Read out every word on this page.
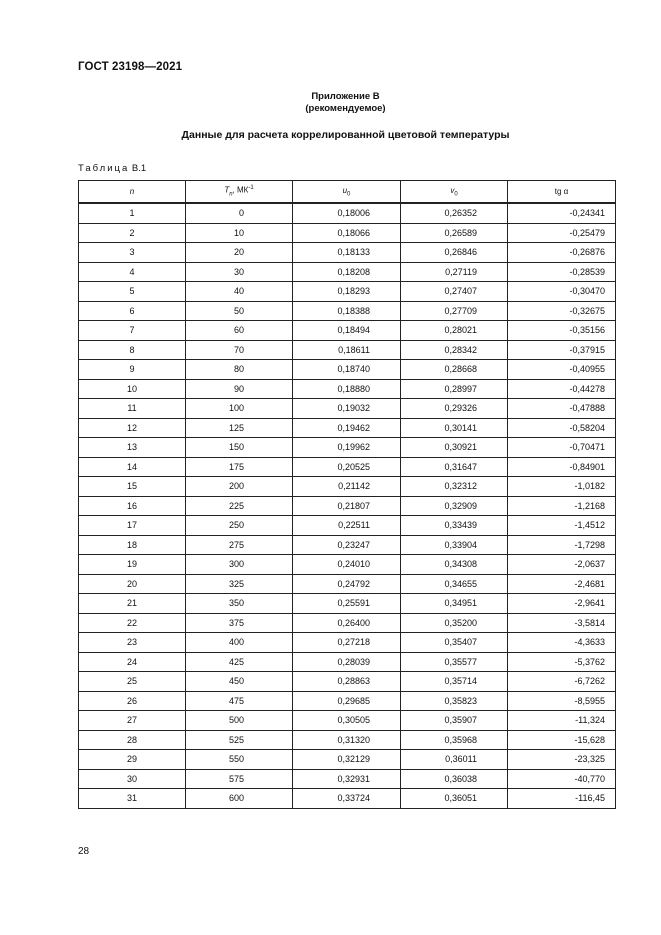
ГОСТ 23198—2021
Приложение В
(рекомендуемое)
Данные для расчета коррелированной цветовой температуры
Таблица В.1
n	$T_n$, $МК^{-1}$	$u_0$	$v_0$	tg α
1	0	0,18006	0,26352	-0,24341
2	10	0,18066	0,26589	-0,25479
3	20	0,18133	0,26846	-0,26876
4	30	0,18208	0,27119	-0,28539
5	40	0,18293	0,27407	-0,30470
6	50	0,18388	0,27709	-0,32675
7	60	0,18494	0,28021	-0,35156
8	70	0,18611	0,28342	-0,37915
9	80	0,18740	0,28668	-0,40955
10	90	0,18880	0,28997	-0,44278
11	100	0,19032	0,29326	-0,47888
12	125	0,19462	0,30141	-0,58204
13	150	0,19962	0,30921	-0,70471
14	175	0,20525	0,31647	-0,84901
15	200	0,21142	0,32312	-1,0182
16	225	0,21807	0,32909	-1,2168
17	250	0,22511	0,33439	-1,4512
18	275	0,23247	0,33904	-1,7298
19	300	0,24010	0,34308	-2,0637
20	325	0,24792	0,34655	-2,4681
21	350	0,25591	0,34951	-2,9641
22	375	0,26400	0,35200	-3,5814
23	400	0,27218	0,35407	-4,3633
24	425	0,28039	0,35577	-5,3762
25	450	0,28863	0,35714	-6,7262
26	475	0,29685	0,35823	-8,5955
27	500	0,30505	0,35907	-11,324
28	525	0,31320	0,35968	-15,628
29	550	0,32129	0,36011	-23,325
30	575	0,32931	0,36038	-40,770
31	600	0,33724	0,36051	-116,45
28
